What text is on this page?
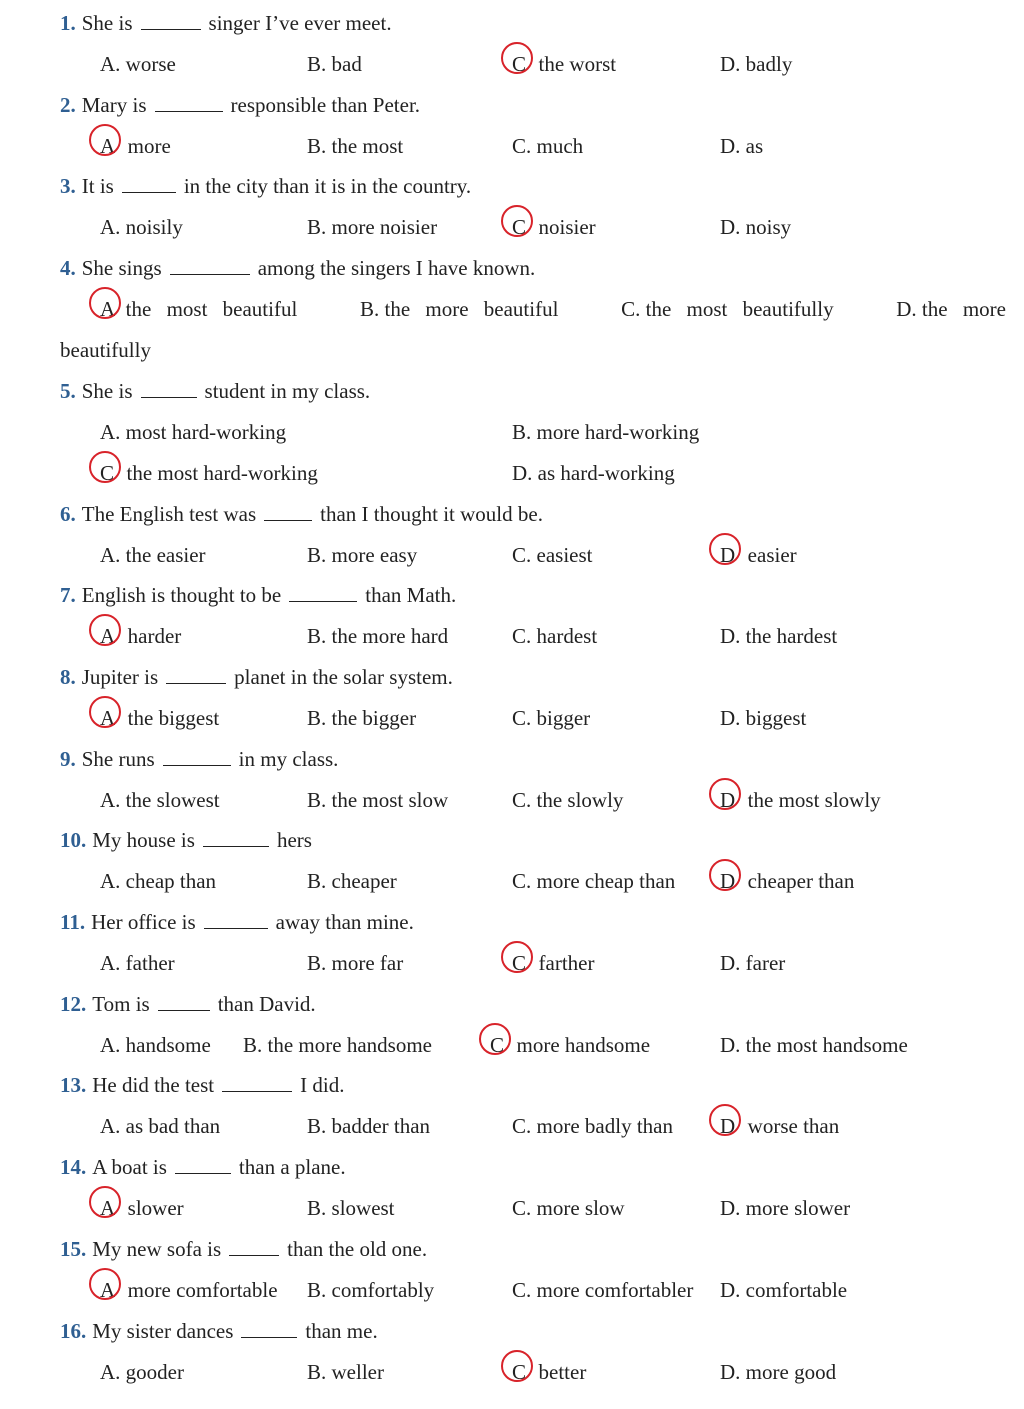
1. She is	singer I’ve ever meet.
A. worse	B. bad	C the worst	D. badly
2. Mary is	responsible than Peter.
A more	B. the most	C. much	D. as
3. It is	in the city than it is in the country.
A. noisily	B. more noisier	C noisier	D. noisy
4. She sings	among the singers I have known.
A the most beautiful	B. the more beautiful	C. the most beautifully	D. the more
beautifully
5. She is	student in my class.
A. most hard-working	B. more hard-working
C the most hard-working	D. as hard-working
6. The English test was	than I thought it would be.
A. the easier	B. more easy	C. easiest	D easier
7. English is thought to be	than Math.
A harder	B. the more hard	C. hardest	D. the hardest
8. Jupiter is	planet in the solar system.
A the biggest	B. the bigger	C. bigger	D. biggest
9. She runs	in my class.
A. the slowest	B. the most slow	C. the slowly	D the most slowly
10. My house is	hers
A. cheap than	B. cheaper	C. more cheap than D cheaper than
11. Her office is	away than mine.
A. father	B. more far	C farther	D. farer
12. Tom is	than David.
A. handsome B. the more handsome	C more handsome	D. the most handsome
13. He did the test	I did.
A. as bad than	B. badder than	C. more badly than D worse than
14. A boat is	than a plane.
A slower	B. slowest	C. more slow	D. more slower
15. My new sofa is	than the old one.
A more comfortable B. comfortably	C. more comfortabler D. comfortable
16. My sister dances	than me.
A. gooder	B. weller	C better	D. more good
